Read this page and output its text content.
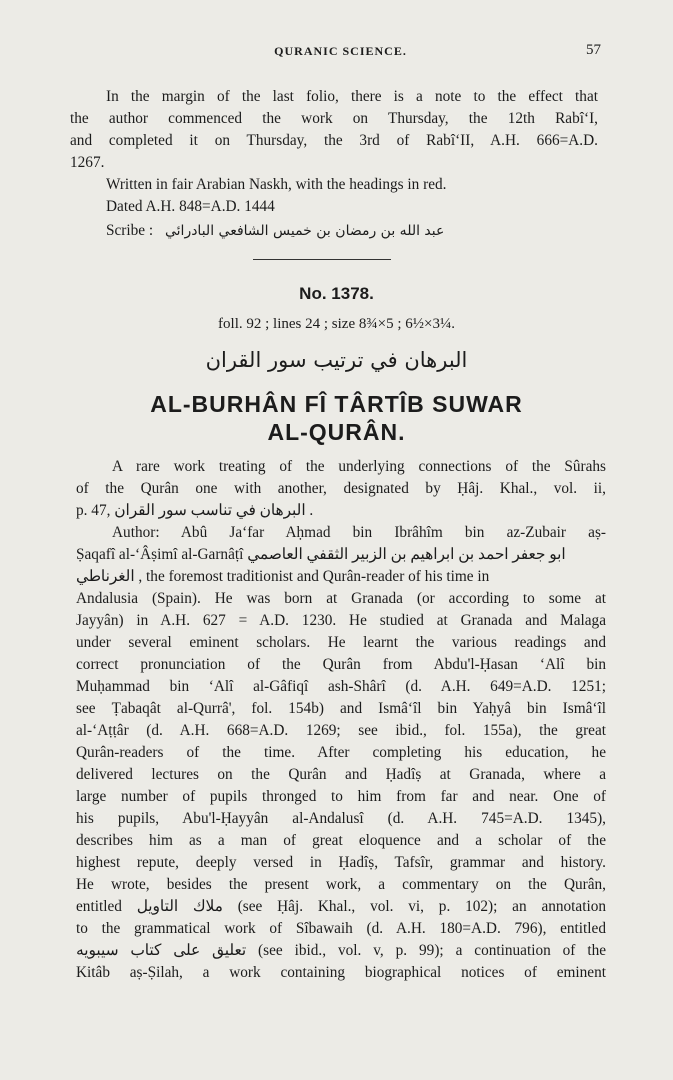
QURANIC SCIENCE.	57
In the margin of the last folio, there is a note to the effect that
the author commenced the work on Thursday, the 12th Rabî‘I,
and completed it on Thursday, the 3rd of Rabî‘II, A.H. 666=A.D.
1267.
Written in fair Arabian Naskh, with the headings in red.
Dated A.H. 848=A.D. 1444
Scribe : عبد الله بن رمضان بن خميس الشافعي البادرائي
No. 1378.
foll. 92 ; lines 24 ; size 8¾×5 ; 6½×3¼.
البرهان في ترتيب سور القران
AL-BURHÂN FÎ TÂRTÎB SUWAR
AL-QURÂN.
A rare work treating of the underlying connections of the Sûrahs
of the Qurân one with another, designated by Ḥâj. Khal., vol. ii,
p. 47, البرهان في تناسب سور القران .
Author: Abû Ja‘far Aḥmad bin Ibrâhîm bin az-Zubair aṣ-
Ṣaqafî al-‘Âṣimî al-Garnâṭî ابو جعفر احمد بن ابراهيم بن الزبير الثقفي العاصمي
الغرناطي , the foremost traditionist and Qurân-reader of his time in
Andalusia (Spain). He was born at Granada (or according to some at
Jayyân) in A.H. 627 = A.D. 1230. He studied at Granada and Malaga
under several eminent scholars. He learnt the various readings and
correct pronunciation of the Qurân from Abdu'l-Ḥasan ‘Alî bin
Muḥammad bin ‘Alî al-Gâfiqî ash-Shârî (d. A.H. 649=A.D. 1251;
see Ṭabaqât al-Qurrâ', fol. 154b) and Ismâ‘îl bin Yaḥyâ bin Ismâ‘îl
al-‘Aṭṭâr (d. A.H. 668=A.D. 1269; see ibid., fol. 155a), the great
Qurân-readers of the time. After completing his education, he
delivered lectures on the Qurân and Ḥadîṣ at Granada, where a
large number of pupils thronged to him from far and near. One of
his pupils, Abu'l-Ḥayyân al-Andalusî (d. A.H. 745=A.D. 1345),
describes him as a man of great eloquence and a scholar of the
highest repute, deeply versed in Ḥadîṣ, Tafsîr, grammar and history.
He wrote, besides the present work, a commentary on the Qurân,
entitled ملاك التاويل (see Ḥâj. Khal., vol. vi, p. 102); an annotation
to the grammatical work of Sîbawaih (d. A.H. 180=A.D. 796), entitled
تعليق على كتاب سيبويه (see ibid., vol. v, p. 99); a continuation of the
Kitâb aṣ-Ṣilah, a work containing biographical notices of eminent
